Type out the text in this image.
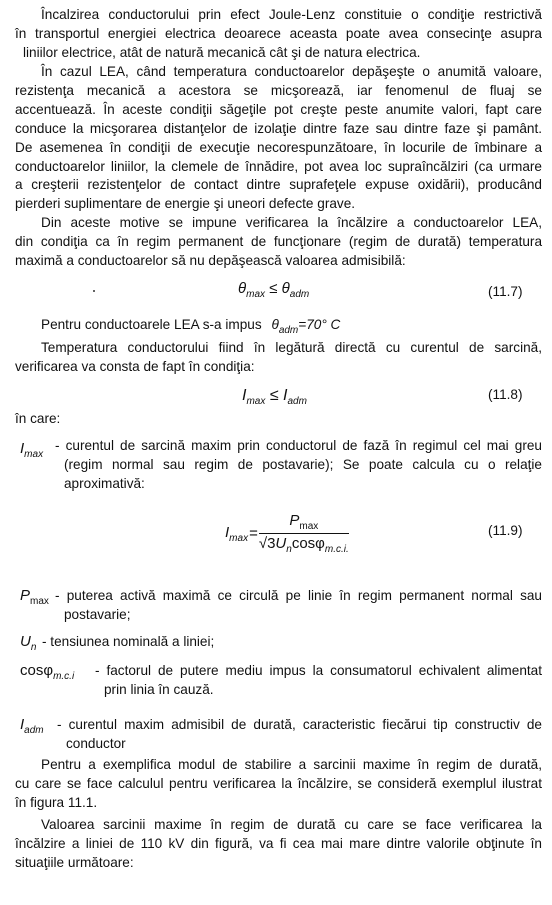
Încalzirea conductorului prin efect Joule-Lenz constituie o condiţie restrictivă
în transportul energiei electrica deoarece aceasta poate avea consecinţe asupra
liniilor electrice, atât de natură mecanică cât şi de natura electrica.
În cazul LEA, când temperatura conductoarelor depăşeşte o anumită valoare,
rezistenţa mecanică a acestora se micşorează, iar fenomenul de fluaj se
accentuează. În aceste condiţii săgeţile pot creşte peste anumite valori, fapt care
conduce la micşorarea distanţelor de izolaţie dintre faze sau dintre faze şi pamânt.
De asemenea în condiţii de execuţie necorespunzătoare, în locurile de îmbinare a
conductoarelor liniilor, la clemele de înnădire, pot avea loc supraîncălziri (ca urmare
a creşterii rezistenţelor de contact dintre suprafeţele expuse oxidării), producând
pierderi suplimentare de energie şi uneori defecte grave.
Din aceste motive se impune verificarea la încălzire a conductoarelor LEA,
din condiţia ca în regim permanent de funcţionare (regim de durată) temperatura
maximă a conductoarelor să nu depăşească valoarea admisibilă:
$\theta_{max} \le \theta_{adm}$	(11.7)
Pentru conductoarele LEA s-a impus $\theta_{adm}=70^\circ$ C
Temperatura conductorului fiind în legătură directă cu curentul de sarcină,
verificarea va consta de fapt în condiţia:
$I_{max} \le I_{adm}$	(11.8)
în care:
$I_{max}$
- curentul de sarcină maxim prin conductorul de fază în regimul cel mai greu
(regim normal sau regim de postavarie); Se poate calcula cu o relaţie
aproximativă:
$I_{max}= \frac{P_{max}}{√3U_n\cos\varphi_{m.c.i.}}$	(11.9)
$P_{max}$ - puterea activă maximă ce circulă pe linie în regim permanent normal sau
postavarie;
$U_n$ - tensiunea nominală a liniei;
cosφ$_{m.c.i}$ - factorul de putere mediu impus la consumatorul echivalent alimentat
prin linia în cauză.
$I_{adm}$ - curentul maxim admisibil de durată, caracteristic fiecărui tip constructiv de
conductor
Pentru a exemplifica modul de stabilire a sarcinii maxime în regim de durată,
cu care se face calculul pentru verificarea la încălzire, se consideră exemplul ilustrat
în figura 11.1.
Valoarea sarcinii maxime în regim de durată cu care se face verificarea la
încălzire a liniei de 110 kV din figură, va fi cea mai mare dintre valorile obţinute în
situaţiile următoare:
